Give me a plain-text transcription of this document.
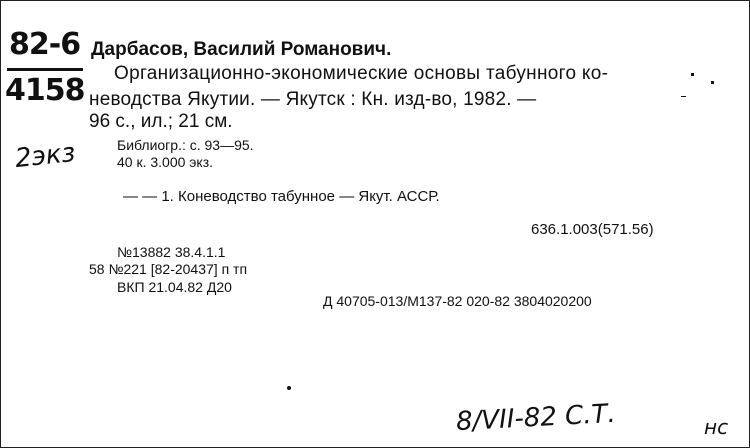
82-6
4158
2экз
Дарбасов, Василий Романович.
Организационно-экономические основы табунного ко-
неводства Якутии. — Якутск : Кн. изд-во, 1982. —
96 с., ил.; 21 см.
Библиогр.: с. 93—95.
40 к. 3.000 экз.
— — 1. Коневодство табунное — Якут. АССР.
636.1.003(571.56)
№13882 38.4.1.1
58 №221 [82-20437] п тп
ВКП 21.04.82 Д20
Д 40705-013/М137-82 020-82 3804020200
8/VII-82 С.Т.	нс
